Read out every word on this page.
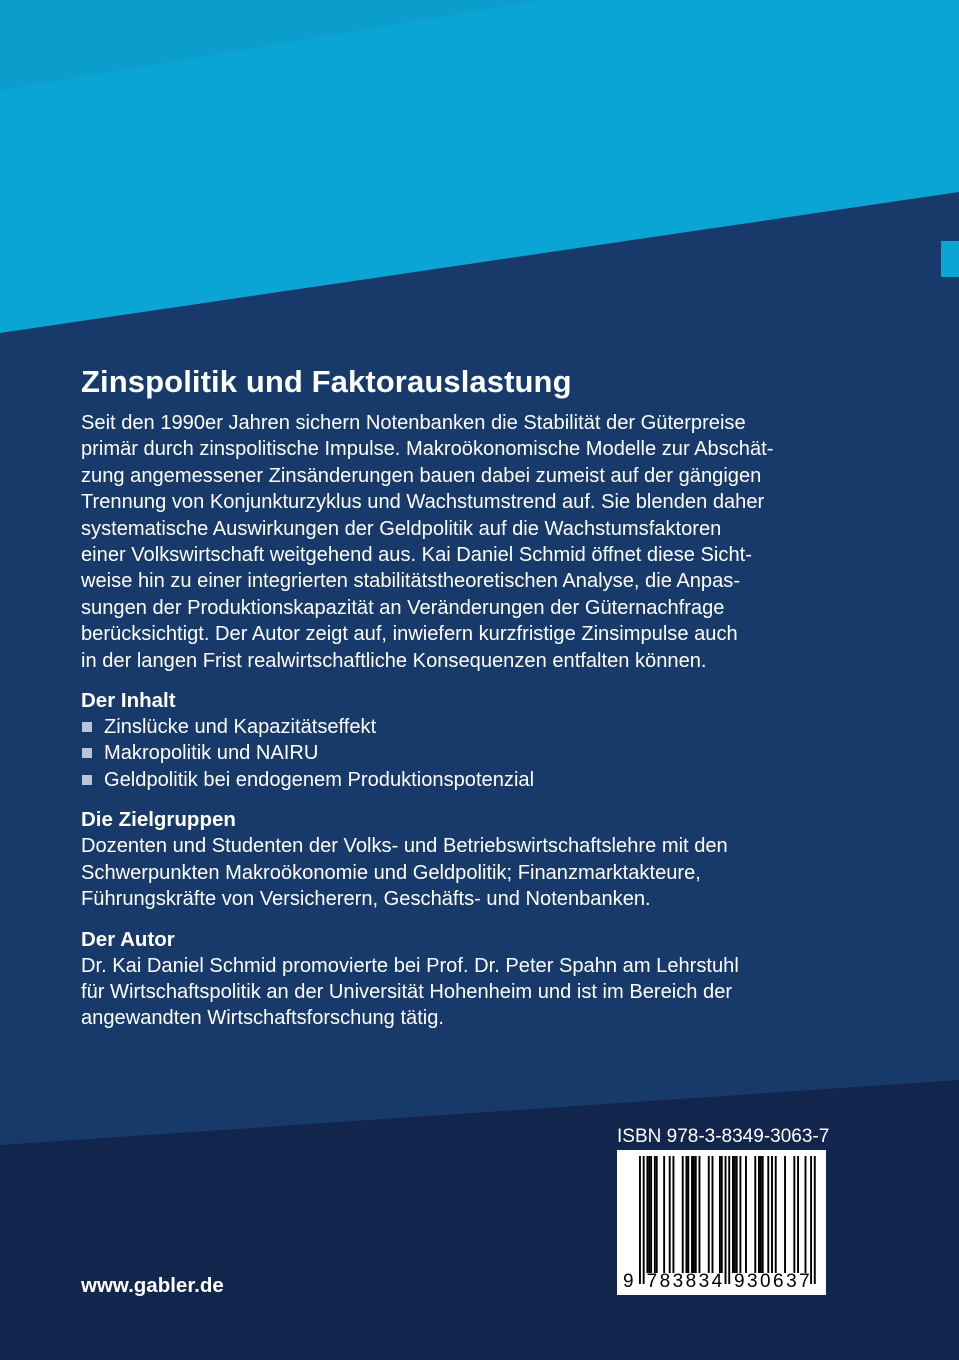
Zinspolitik und Faktorauslastung
Seit den 1990er Jahren sichern Notenbanken die Stabilität der Güterpreise
primär durch zinspolitische Impulse. Makroökonomische Modelle zur Abschät-
zung angemessener Zinsänderungen bauen dabei zumeist auf der gängigen
Trennung von Konjunkturzyklus und Wachstumstrend auf. Sie blenden daher
systematische Auswirkungen der Geldpolitik auf die Wachstumsfaktoren
einer Volkswirtschaft weitgehend aus. Kai Daniel Schmid öffnet diese Sicht-
weise hin zu einer integrierten stabilitätstheoretischen Analyse, die Anpas-
sungen der Produktionskapazität an Veränderungen der Güternachfrage
berücksichtigt. Der Autor zeigt auf, inwiefern kurzfristige Zinsimpulse auch
in der langen Frist realwirtschaftliche Konsequenzen entfalten können.
Der Inhalt
Zinslücke und Kapazitätseffekt
Makropolitik und NAIRU
Geldpolitik bei endogenem Produktionspotenzial
Die Zielgruppen
Dozenten und Studenten der Volks- und Betriebswirtschaftslehre mit den
Schwerpunkten Makroökonomie und Geldpolitik; Finanzmarktakteure,
Führungskräfte von Versicherern, Geschäfts- und Notenbanken.
Der Autor
Dr. Kai Daniel Schmid promovierte bei Prof. Dr. Peter Spahn am Lehrstuhl
für Wirtschaftspolitik an der Universität Hohenheim und ist im Bereich der
angewandten Wirtschaftsforschung tätig.
ISBN 978-3-8349-3063-7
9 7 8 3 8 3 4 9 3 0 6 3 7
www.gabler.de
